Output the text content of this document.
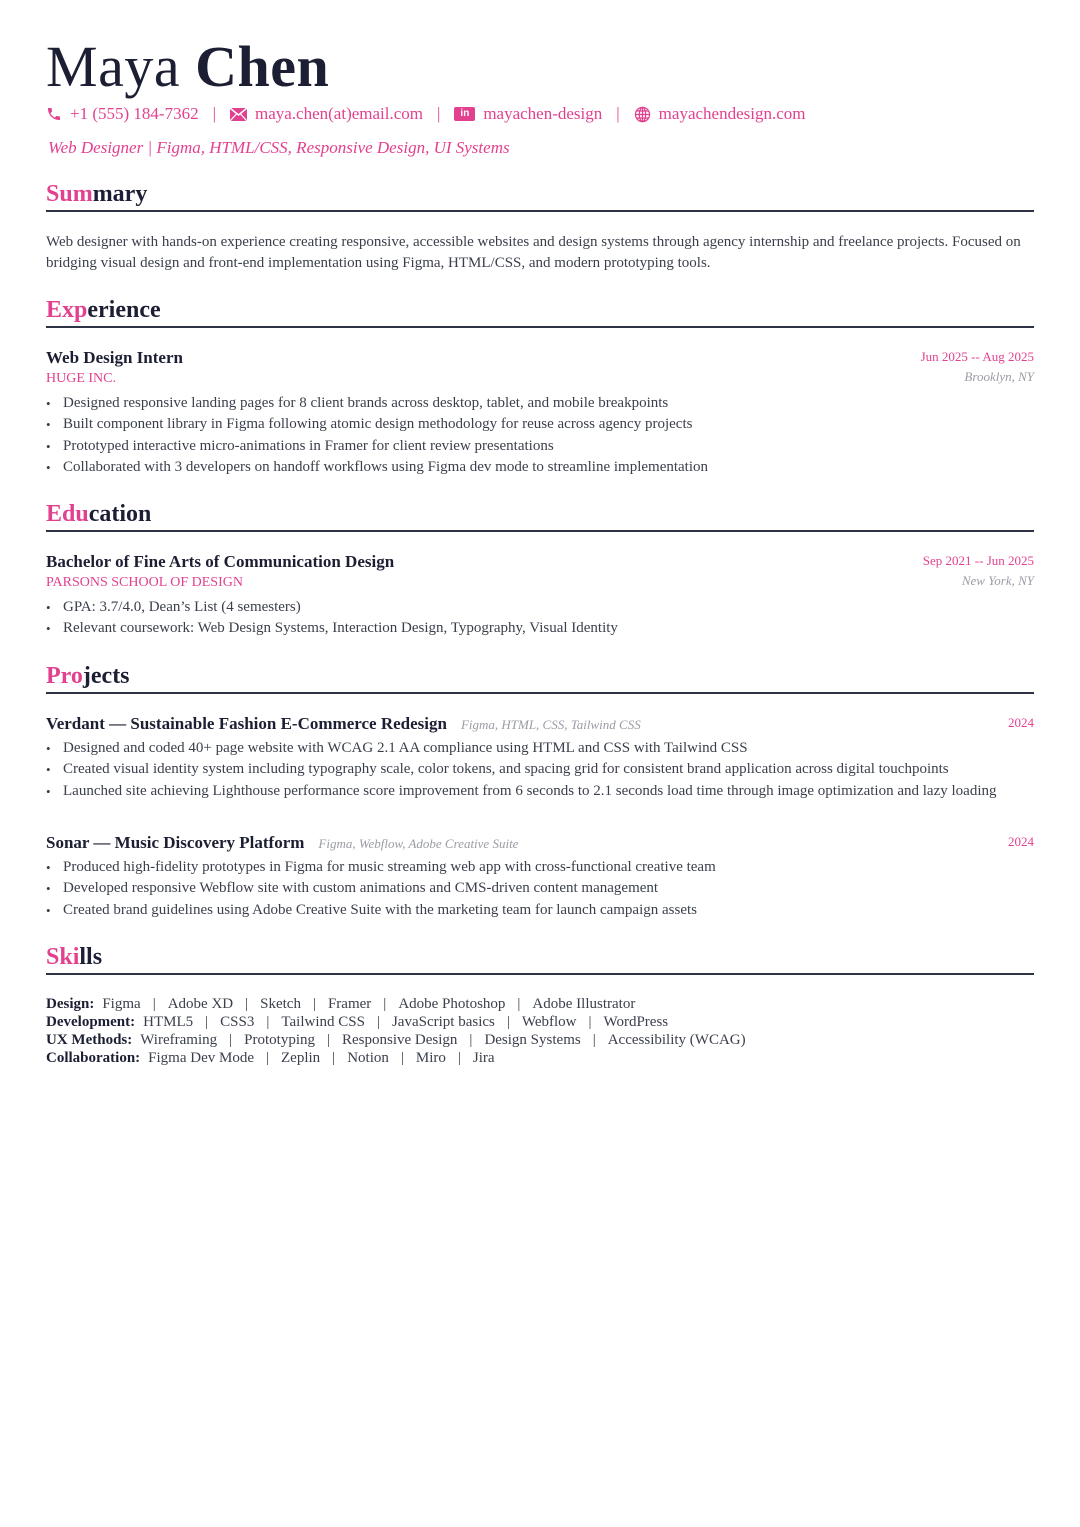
Maya Chen
+1 (555) 184-7362 | maya.chen(at)email.com |	in mayachen-design | mayachendesign.com
Web Designer | Figma, HTML/CSS, Responsive Design, UI Systems
Summary
Web designer with hands-on experience creating responsive, accessible websites and design systems through agency internship and freelance projects. Focused on bridging visual design and front-end implementation using Figma, HTML/CSS, and modern prototyping tools.
Experience
Web Design Intern
HUGE INC.
Jun 2025 -- Aug 2025
Brooklyn, NY
• Designed responsive landing pages for 8 client brands across desktop, tablet, and mobile breakpoints
• Built component library in Figma following atomic design methodology for reuse across agency projects
• Prototyped interactive micro-animations in Framer for client review presentations
• Collaborated with 3 developers on handoff workflows using Figma dev mode to streamline implementation
Education
Bachelor of Fine Arts of Communication Design
PARSONS SCHOOL OF DESIGN
Sep 2021 -- Jun 2025
New York, NY
• GPA: 3.7/4.0, Dean’s List (4 semesters)
• Relevant coursework: Web Design Systems, Interaction Design, Typography, Visual Identity
Projects
Verdant — Sustainable Fashion E-Commerce Redesign Figma, HTML, CSS, Tailwind CSS	2024
• Designed and coded 40+ page website with WCAG 2.1 AA compliance using HTML and CSS with Tailwind CSS
• Created visual identity system including typography scale, color tokens, and spacing grid for consistent brand application across digital touchpoints
• Launched site achieving Lighthouse performance score improvement from 6 seconds to 2.1 seconds load time through image optimization and lazy loading
Sonar — Music Discovery Platform Figma, Webflow, Adobe Creative Suite	2024
• Produced high-fidelity prototypes in Figma for music streaming web app with cross-functional creative team
• Developed responsive Webflow site with custom animations and CMS-driven content management
• Created brand guidelines using Adobe Creative Suite with the marketing team for launch campaign assets
Skills
Design: Figma | Adobe XD | Sketch | Framer | Adobe Photoshop | Adobe Illustrator
Development: HTML5 | CSS3 | Tailwind CSS | JavaScript basics | Webflow | WordPress
UX Methods: Wireframing | Prototyping | Responsive Design | Design Systems | Accessibility (WCAG)
Collaboration: Figma Dev Mode | Zeplin | Notion | Miro | Jira
